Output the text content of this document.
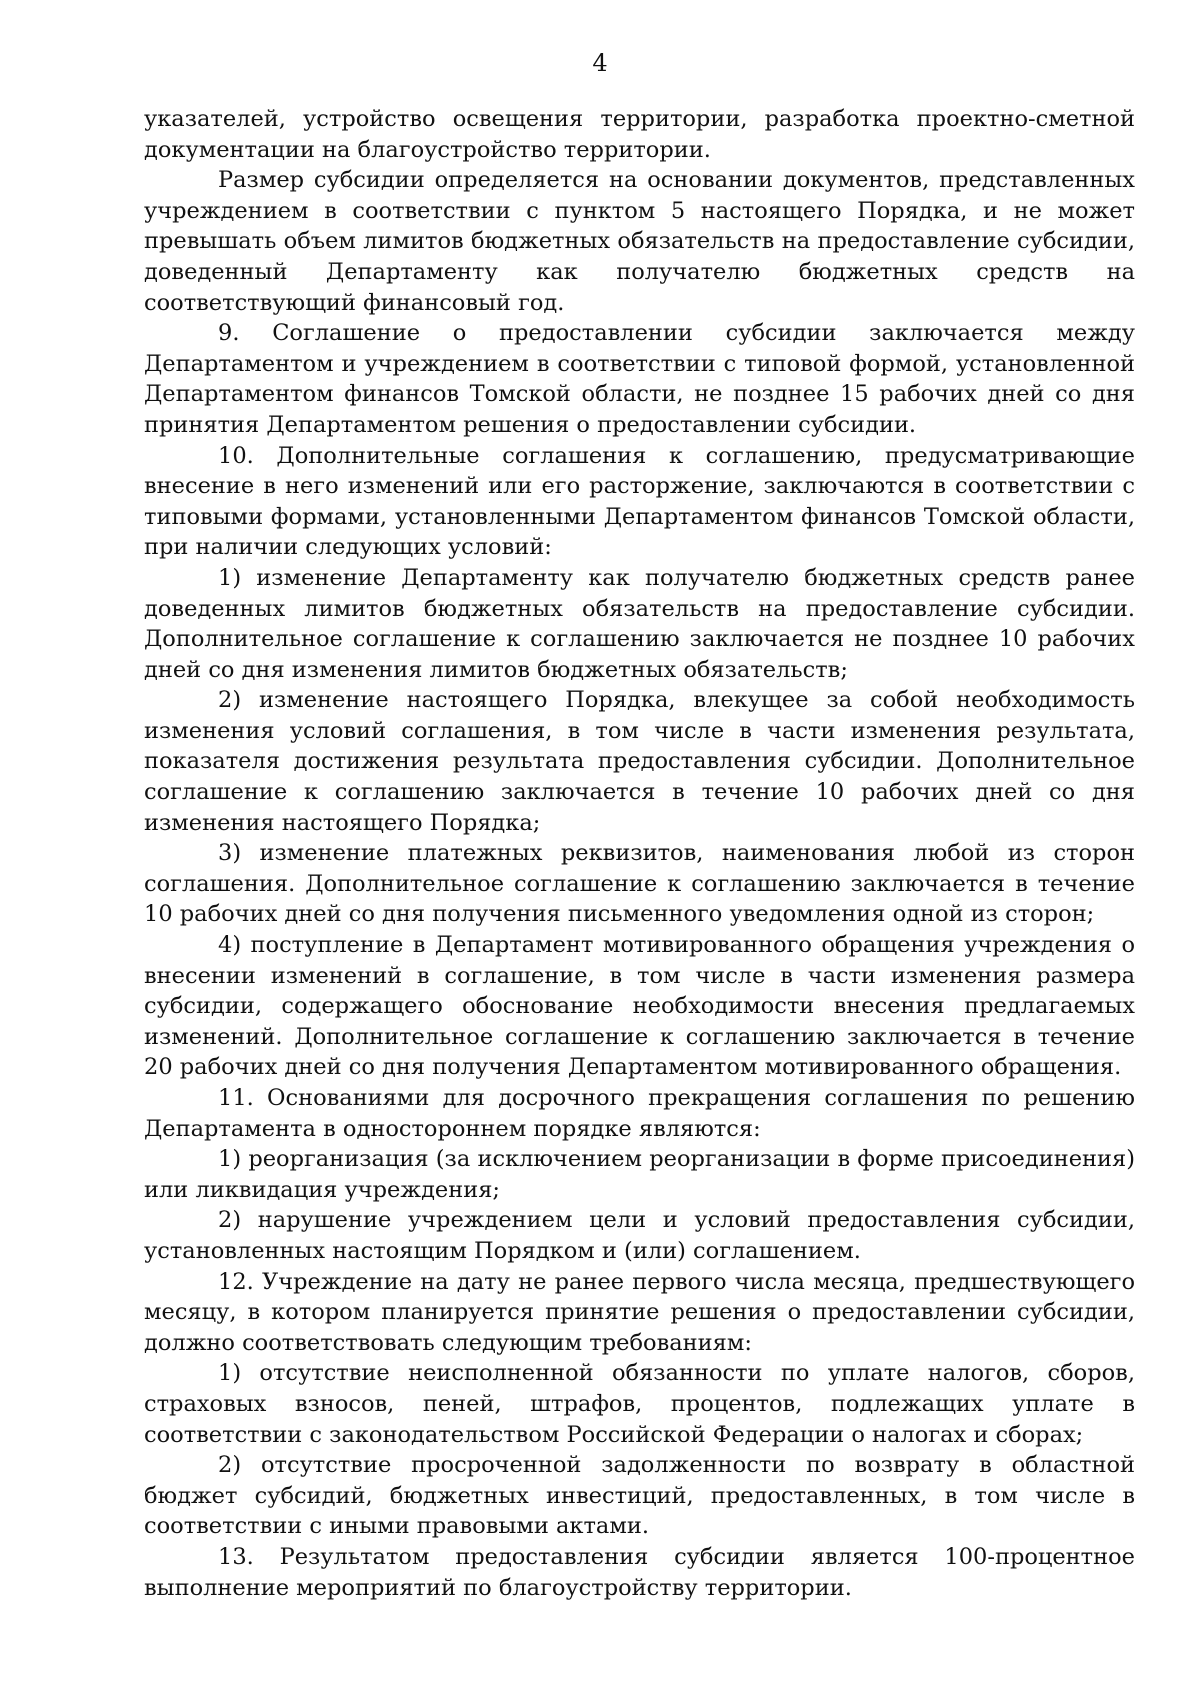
4

указателей, устройство освещения территории, разработка проектно-сметной документации на благоустройство территории.

Размер субсидии определяется на основании документов, представленных учреждением в соответствии с пунктом 5 настоящего Порядка, и не может превышать объем лимитов бюджетных обязательств на предоставление субсидии, доведенный Департаменту как получателю бюджетных средств на соответствующий финансовый год.

9. Соглашение о предоставлении субсидии заключается между Департаментом и учреждением в соответствии с типовой формой, установленной Департаментом финансов Томской области, не позднее 15 рабочих дней со дня принятия Департаментом решения о предоставлении субсидии.

10. Дополнительные соглашения к соглашению, предусматривающие внесение в него изменений или его расторжение, заключаются в соответствии с типовыми формами, установленными Департаментом финансов Томской области, при наличии следующих условий:

1) изменение Департаменту как получателю бюджетных средств ранее доведенных лимитов бюджетных обязательств на предоставление субсидии. Дополнительное соглашение к соглашению заключается не позднее 10 рабочих дней со дня изменения лимитов бюджетных обязательств;

2) изменение настоящего Порядка, влекущее за собой необходимость изменения условий соглашения, в том числе в части изменения результата, показателя достижения результата предоставления субсидии. Дополнительное соглашение к соглашению заключается в течение 10 рабочих дней со дня изменения настоящего Порядка;

3) изменение платежных реквизитов, наименования любой из сторон соглашения. Дополнительное соглашение к соглашению заключается в течение 10 рабочих дней со дня получения письменного уведомления одной из сторон;

4) поступление в Департамент мотивированного обращения учреждения о внесении изменений в соглашение, в том числе в части изменения размера субсидии, содержащего обоснование необходимости внесения предлагаемых изменений. Дополнительное соглашение к соглашению заключается в течение 20 рабочих дней со дня получения Департаментом мотивированного обращения.

11. Основаниями для досрочного прекращения соглашения по решению Департамента в одностороннем порядке являются:

1) реорганизация (за исключением реорганизации в форме присоединения) или ликвидация учреждения;

2) нарушение учреждением цели и условий предоставления субсидии, установленных настоящим Порядком и (или) соглашением.

12. Учреждение на дату не ранее первого числа месяца, предшествующего месяцу, в котором планируется принятие решения о предоставлении субсидии, должно соответствовать следующим требованиям:

1) отсутствие неисполненной обязанности по уплате налогов, сборов, страховых взносов, пеней, штрафов, процентов, подлежащих уплате в соответствии с законодательством Российской Федерации о налогах и сборах;

2) отсутствие просроченной задолженности по возврату в областной бюджет субсидий, бюджетных инвестиций, предоставленных, в том числе в соответствии с иными правовыми актами.

13. Результатом предоставления субсидии является 100-процентное выполнение мероприятий по благоустройству территории.
